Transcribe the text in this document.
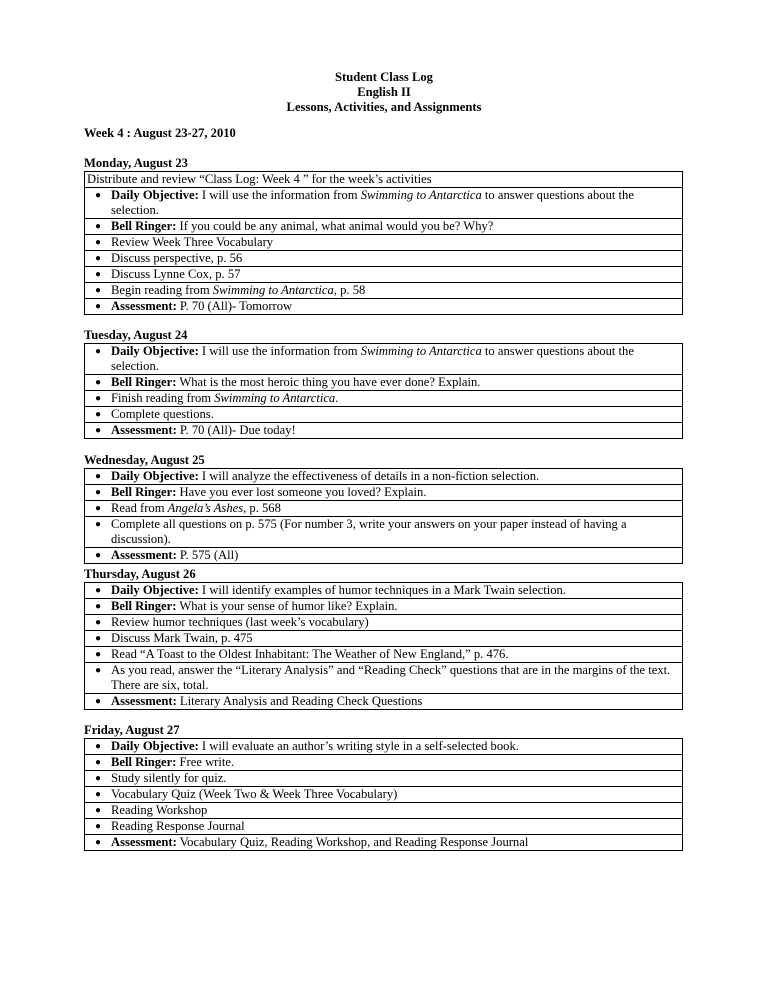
Student Class Log
English II
Lessons, Activities, and Assignments
Week 4 : August 23-27, 2010
Monday, August 23
Distribute and review “Class Log: Week 4 ” for the week’s activities

● Daily Objective: I will use the information from Swimming to Antarctica to answer questions about the selection.

● Bell Ringer: If you could be any animal, what animal would you be? Why?

● Review Week Three Vocabulary

● Discuss perspective, p. 56

● Discuss Lynne Cox, p. 57

● Begin reading from Swimming to Antarctica, p. 58

● Assessment: P. 70 (All)- Tomorrow
Tuesday, August 24
● Daily Objective: I will use the information from Swimming to Antarctica to answer questions about the selection.

● Bell Ringer: What is the most heroic thing you have ever done? Explain.

● Finish reading from Swimming to Antarctica.

● Complete questions.

● Assessment: P. 70 (All)- Due today!
Wednesday, August 25
● Daily Objective: I will analyze the effectiveness of details in a non-fiction selection.

● Bell Ringer: Have you ever lost someone you loved? Explain.

● Read from Angela’s Ashes, p. 568

● Complete all questions on p. 575 (For number 3, write your answers on your paper instead of having a discussion).

● Assessment: P. 575 (All)
Thursday, August 26
● Daily Objective: I will identify examples of humor techniques in a Mark Twain selection.

● Bell Ringer: What is your sense of humor like? Explain.

● Review humor techniques (last week’s vocabulary)

● Discuss Mark Twain, p. 475

● Read “A Toast to the Oldest Inhabitant: The Weather of New England,” p. 476.

● As you read, answer the “Literary Analysis” and “Reading Check” questions that are in the margins of the text. There are six, total.

● Assessment: Literary Analysis and Reading Check Questions
Friday, August 27
● Daily Objective: I will evaluate an author’s writing style in a self-selected book.

● Bell Ringer: Free write.

● Study silently for quiz.

● Vocabulary Quiz (Week Two & Week Three Vocabulary)

● Reading Workshop

● Reading Response Journal

● Assessment: Vocabulary Quiz, Reading Workshop, and Reading Response Journal
